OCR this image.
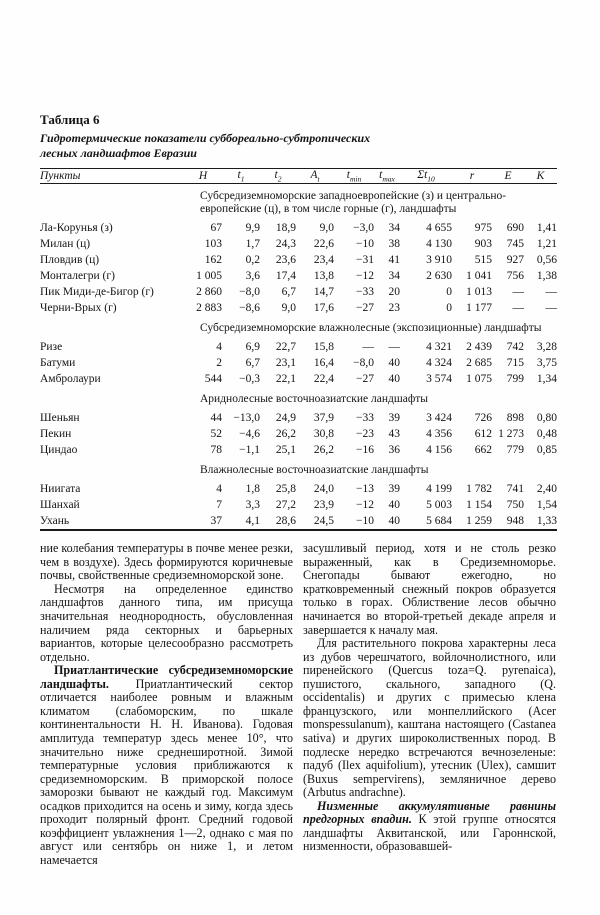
Таблица 6
Гидротермические показатели суббореально-субтропических
лесных ландшафтов Евразии
Пункты	H	$t_1$	$t_2$	$A_t$	$t_{min}$	$t_{max}$	$\Sigma t_{10}$	r	E	K
Субсредиземноморские западноевропейские (з) и центрально-европейские (ц), в том числе горные (г), ландшафты										
Ла-Корунья (з)	67	9,9	18,9	9,0	−3,0	34	4 655	975	690	1,41
Милан (ц)	103	1,7	24,3	22,6	−10	38	4 130	903	745	1,21
Пловдив (ц)	162	0,2	23,6	23,4	−31	41	3 910	515	927	0,56
Монталегри (г)	1 005	3,6	17,4	13,8	−12	34	2 630	1 041	756	1,38
Пик Миди-де-Бигор (г)	2 860	−8,0	6,7	14,7	−33	20	0	1 013	—	—
Черни-Врых (г)	2 883	−8,6	9,0	17,6	−27	23	0	1 177	—	—
Субсредиземноморские влажнолесные (экспозиционные) ландшафты										
Ризе	4	6,9	22,7	15,8	—	—	4 321	2 439	742	3,28
Батуми	2	6,7	23,1	16,4	−8,0	40	4 324	2 685	715	3,75
Амбролаури	544	−0,3	22,1	22,4	−27	40	3 574	1 075	799	1,34
Ариднолесные восточноазиатские ландшафты										
Шеньян	44	−13,0	24,9	37,9	−33	39	3 424	726	898	0,80
Пекин	52	−4,6	26,2	30,8	−23	43	4 356	612	1 273	0,48
Циндао	78	−1,1	25,1	26,2	−16	36	4 156	662	779	0,85
Влажнолесные восточноазиатские ландшафты										
Ниигата	4	1,8	25,8	24,0	−13	39	4 199	1 782	741	2,40
Шанхай	7	3,3	27,2	23,9	−12	40	5 003	1 154	750	1,54
Ухань	37	4,1	28,6	24,5	−10	40	5 684	1 259	948	1,33

ние колебания температуры в почве менее резки, чем в воздухе). Здесь формируются коричневые почвы, свойственные средиземноморской зоне.

Несмотря на определенное единство ландшафтов данного типа, им присуща значительная неоднородность, обусловленная наличием ряда секторных и барьерных вариантов, которые целесообразно рассмотреть отдельно.

Приатлантические субсредиземноморские ландшафты. Приатлантический сектор отличается наиболее ровным и влажным климатом (слабоморским, по шкале континентальности Н. Н. Иванова). Годовая амплитуда температур здесь менее 10°, что значительно ниже среднеширотной. Зимой температурные условия приближаются к средиземноморским. В приморской полосе заморозки бывают не каждый год. Максимум осадков приходится на осень и зиму, когда здесь проходит полярный фронт. Средний годовой коэффициент увлажнения 1—2, однако с мая по август или сентябрь он ниже 1, и летом намечается

засушливый период, хотя и не столь резко выраженный, как в Средиземноморье. Снегопады бывают ежегодно, но кратковременный снежный покров образуется только в горах. Облиствение лесов обычно начинается во второй-третьей декаде апреля и завершается к началу мая.

Для растительного покрова характерны леса из дубов черешчатого, войлочнолистного, или пиренейского (Quercus toza=Q. pyrenaica), пушистого, скального, западного (Q. occidentalis) и других с примесью клена французского, или монпеллийского (Acer monspessulanum), каштана настоящего (Castanea sativa) и других широколиственных пород. В подлеске нередко встречаются вечнозеленые: падуб (Ilex aquifolium), утесник (Ulex), самшит (Buxus sempervirens), земляничное дерево (Arbutus andrachne).

Низменные аккумулятивные равнины предгорных впадин. К этой группе относятся ландшафты Аквитанской, или Гароннской, низменности, образовавшей-
